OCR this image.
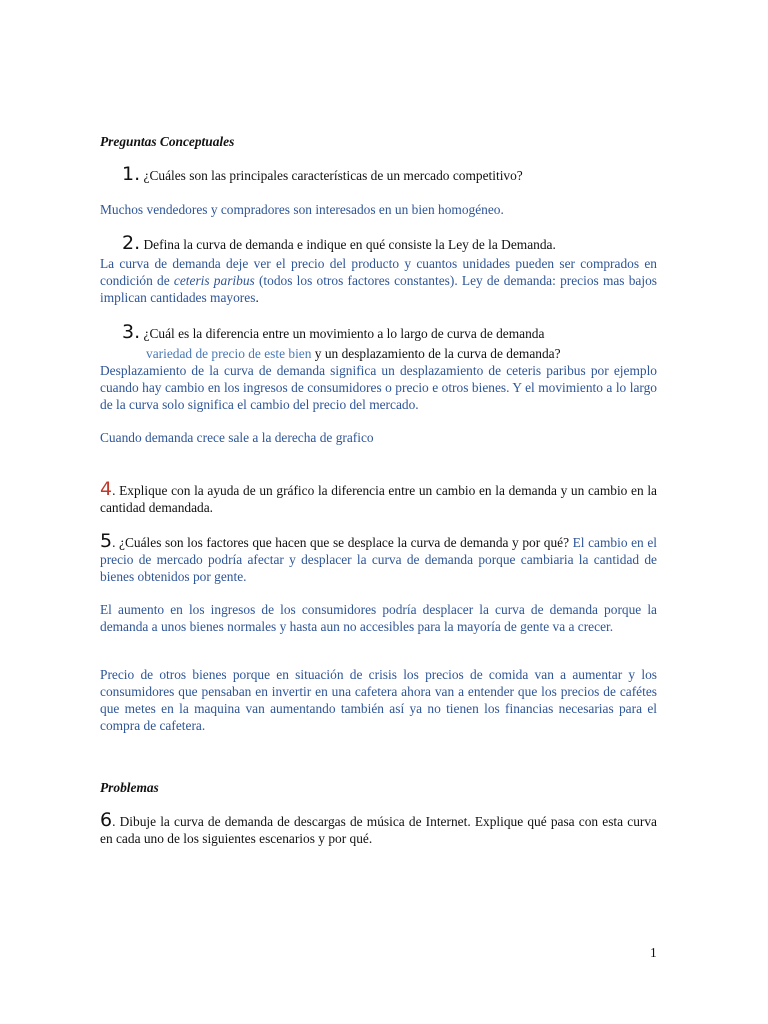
Preguntas Conceptuales
1. ¿Cuáles son las principales características de un mercado competitivo?
Muchos vendedores y compradores son interesados en un bien homogéneo.
2. Defina la curva de demanda e indique en qué consiste la Ley de la Demanda.
La curva de demanda deje ver el precio del producto y cuantos unidades pueden ser comprados en condición de ceteris paribus (todos los otros factores constantes). Ley de demanda: precios mas bajos implican cantidades mayores.
3. ¿Cuál es la diferencia entre un movimiento a lo largo de curva de demanda
variedad de precio de este bien y un desplazamiento de la curva de demanda?
Desplazamiento de la curva de demanda significa un desplazamiento de ceteris paribus por ejemplo cuando hay cambio en los ingresos de consumidores o precio e otros bienes. Y el movimiento a lo largo de la curva solo significa el cambio del precio del mercado.
Cuando demanda crece sale a la derecha de grafico
4. Explique con la ayuda de un gráfico la diferencia entre un cambio en la demanda y un cambio en la cantidad demandada.
5. ¿Cuáles son los factores que hacen que se desplace la curva de demanda y por qué? El cambio en el precio de mercado podría afectar y desplacer la curva de demanda porque cambiaria la cantidad de bienes obtenidos por gente.
El aumento en los ingresos de los consumidores podría desplacer la curva de demanda porque la demanda a unos bienes normales y hasta aun no accesibles para la mayoría de gente va a crecer.
Precio de otros bienes porque en situación de crisis los precios de comida van a aumentar y los consumidores que pensaban en invertir en una cafetera ahora van a entender que los precios de cafétes que metes en la maquina van aumentando también así ya no tienen los financias necesarias para el compra de cafetera.
Problemas
6. Dibuje la curva de demanda de descargas de música de Internet. Explique qué pasa con esta curva en cada uno de los siguientes escenarios y por qué.
1
